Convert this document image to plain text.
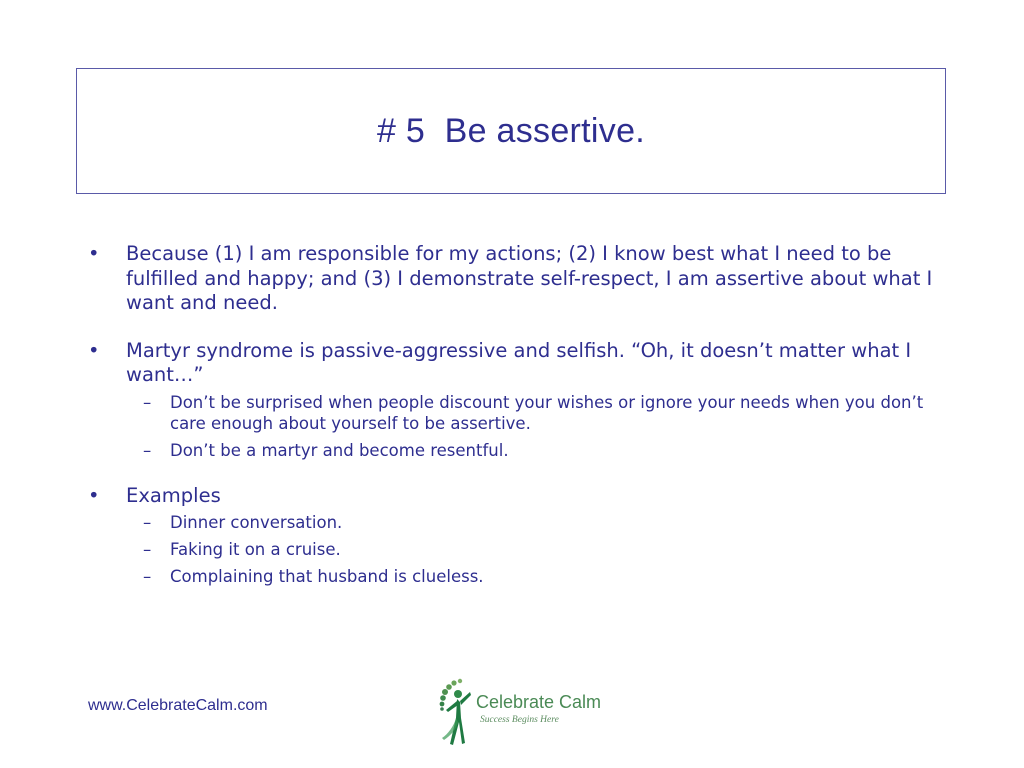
# 5  Be assertive.
• Because (1) I am responsible for my actions; (2) I know best what I need to be fulfilled and happy; and (3) I demonstrate self-respect, I am assertive about what I want and need.
• Martyr syndrome is passive-aggressive and selfish. “Oh, it doesn’t matter what I want…”
– Don’t be surprised when people discount your wishes or ignore your needs when you don’t care enough about yourself to be assertive.
– Don’t be a martyr and become resentful.
• Examples
– Dinner conversation.
– Faking it on a cruise.
– Complaining that husband is clueless.
www.CelebrateCalm.com	Celebrate Calm
Success Begins Here
